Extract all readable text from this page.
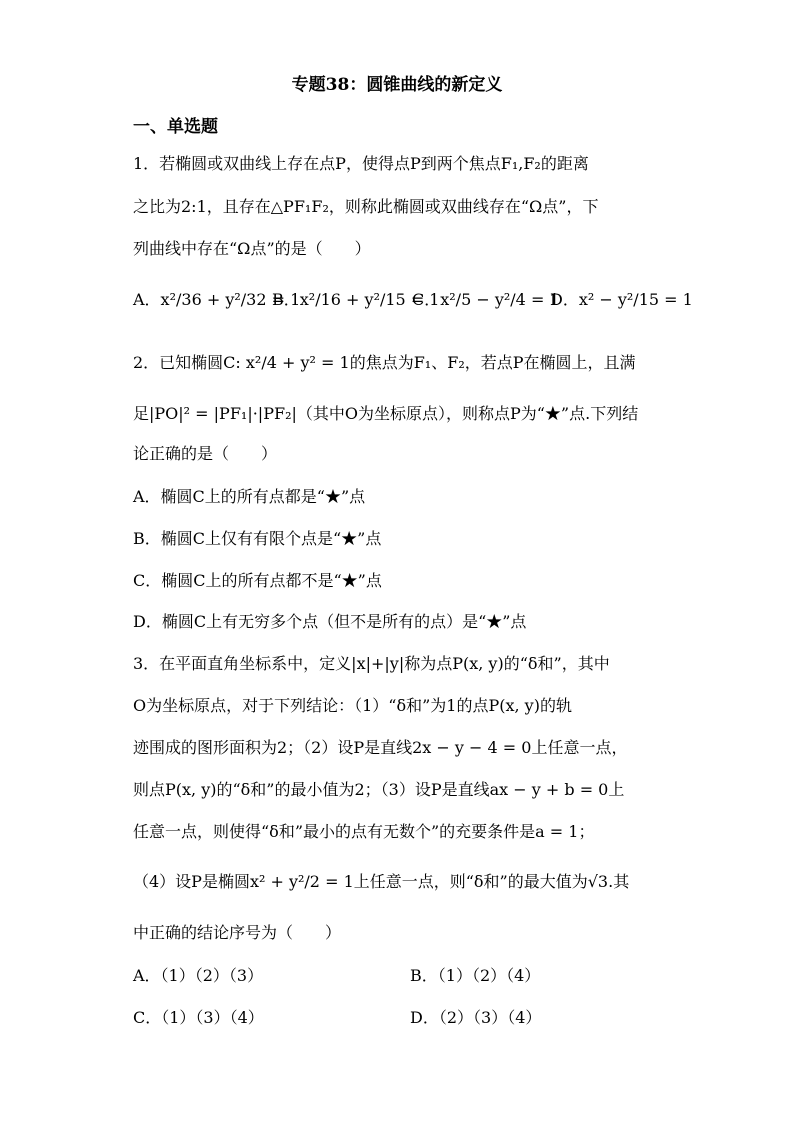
专题38：圆锥曲线的新定义
一、单选题
1．若椭圆或双曲线上存在点P，使得点P到两个焦点F₁,F₂的距离
之比为2:1，且存在△PF₁F₂，则称此椭圆或双曲线存在“Ω点”，下
列曲线中存在“Ω点”的是（　　）
A．x²/36 + y²/32 = 1
B．x²/16 + y²/15 = 1
C．x²/5 − y²/4 = 1
D．x² − y²/15 = 1
2．已知椭圆C: x²/4 + y² = 1的焦点为F₁、F₂，若点P在椭圆上，且满
足|PO|² = |PF₁|·|PF₂|（其中O为坐标原点），则称点P为“★”点.下列结
论正确的是（　　）
A．椭圆C上的所有点都是“★”点
B．椭圆C上仅有有限个点是“★”点
C．椭圆C上的所有点都不是“★”点
D．椭圆C上有无穷多个点（但不是所有的点）是“★”点
3．在平面直角坐标系中，定义|x|+|y|称为点P(x, y)的“δ和”，其中
O为坐标原点，对于下列结论：（1）“δ和”为1的点P(x, y)的轨
迹围成的图形面积为2；（2）设P是直线2x − y − 4 = 0上任意一点，
则点P(x, y)的“δ和”的最小值为2；（3）设P是直线ax − y + b = 0上
任意一点，则使得“δ和”最小的点有无数个”的充要条件是a = 1；
（4）设P是椭圆x² + y²/2 = 1上任意一点，则“δ和”的最大值为√3.其
中正确的结论序号为（　　）
A．（1）（2）（3）	B．（1）（2）（4）
C．（1）（3）（4）	D．（2）（3）（4）
